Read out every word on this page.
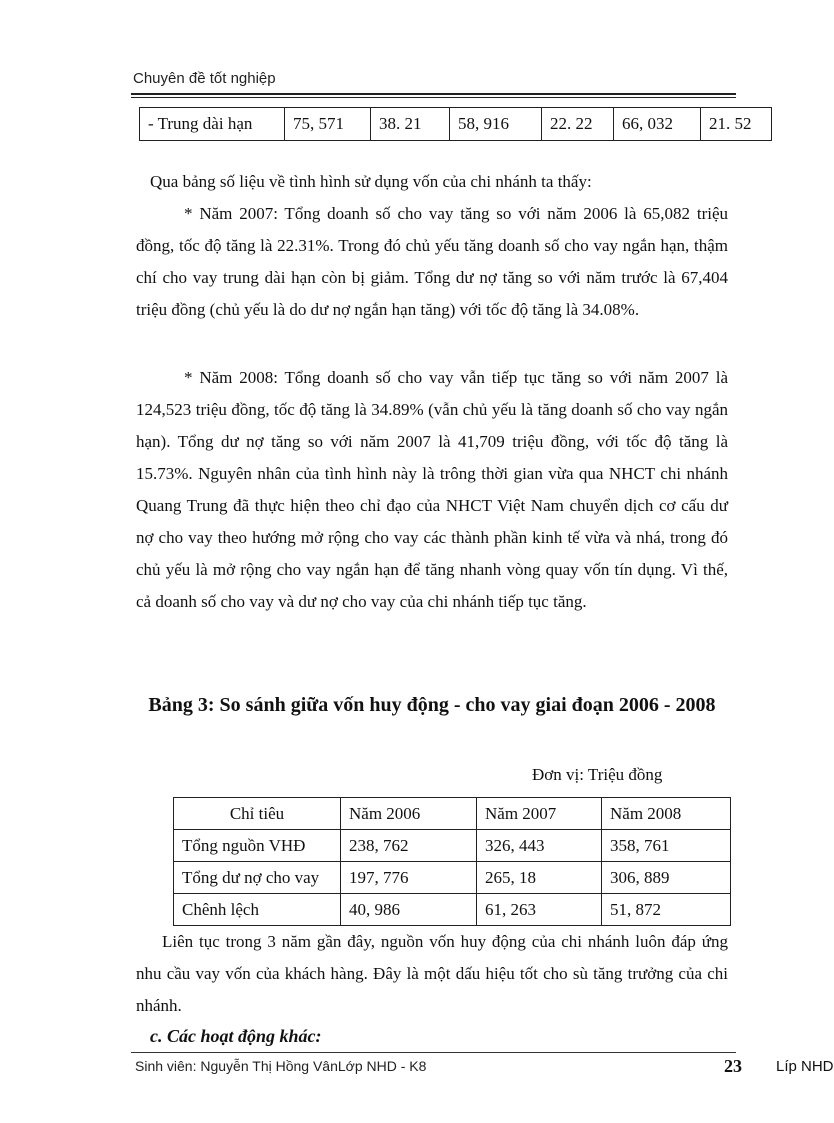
Chuyên đề tốt nghiệp
- Trung dài hạn	75, 571	38. 21	58, 916	22. 22	66, 032	21. 52

Qua bảng số liệu về tình hình sử dụng vốn của chi nhánh ta thấy:

* Năm 2007: Tổng doanh số cho vay tăng so với năm 2006 là 65,082 triệu đồng, tốc độ tăng là 22.31%. Trong đó chủ yếu tăng doanh số cho vay ngắn hạn, thậm chí cho vay trung dài hạn còn bị giảm. Tổng dư nợ tăng so với năm trước là 67,404 triệu đồng (chủ yếu là do dư nợ ngắn hạn tăng) với tốc độ tăng là 34.08%.

* Năm 2008: Tổng doanh số cho vay vẫn tiếp tục tăng so với năm 2007 là 124,523 triệu đồng, tốc độ tăng là 34.89% (vẫn chủ yếu là tăng doanh số cho vay ngắn hạn). Tổng dư nợ tăng so với năm 2007 là 41,709 triệu đồng, với tốc độ tăng là 15.73%. Nguyên nhân của tình hình này là trông thời gian vừa qua NHCT chi nhánh Quang Trung đã thực hiện theo chỉ đạo của NHCT Việt Nam chuyển dịch cơ cấu dư nợ cho vay theo hướng mở rộng cho vay các thành phần kinh tế vừa và nhá, trong đó chủ yếu là mở rộng cho vay ngắn hạn để tăng nhanh vòng quay vốn tín dụng. Vì thế, cả doanh số cho vay và dư nợ cho vay của chi nhánh tiếp tục tăng.

Bảng 3: So sánh giữa vốn huy động - cho vay giai đoạn 2006 - 2008
Đơn vị: Triệu đồng
Chỉ tiêu	Năm 2006	Năm 2007	Năm 2008
Tổng nguồn VHĐ	238, 762	326, 443	358, 761
Tổng dư nợ cho vay	197, 776	265, 18	306, 889
Chênh lệch	40, 986	61, 263	51, 872

Liên tục trong 3 năm gần đây, nguồn vốn huy động của chi nhánh luôn đáp ứng nhu cầu vay vốn của khách hàng. Đây là một dấu hiệu tốt cho sù tăng trưởng của chi nhánh.

c. Các hoạt động khác:
Sinh viên: Nguyễn Thị Hồng VânLớp NHD - K8	23 Líp NHD
